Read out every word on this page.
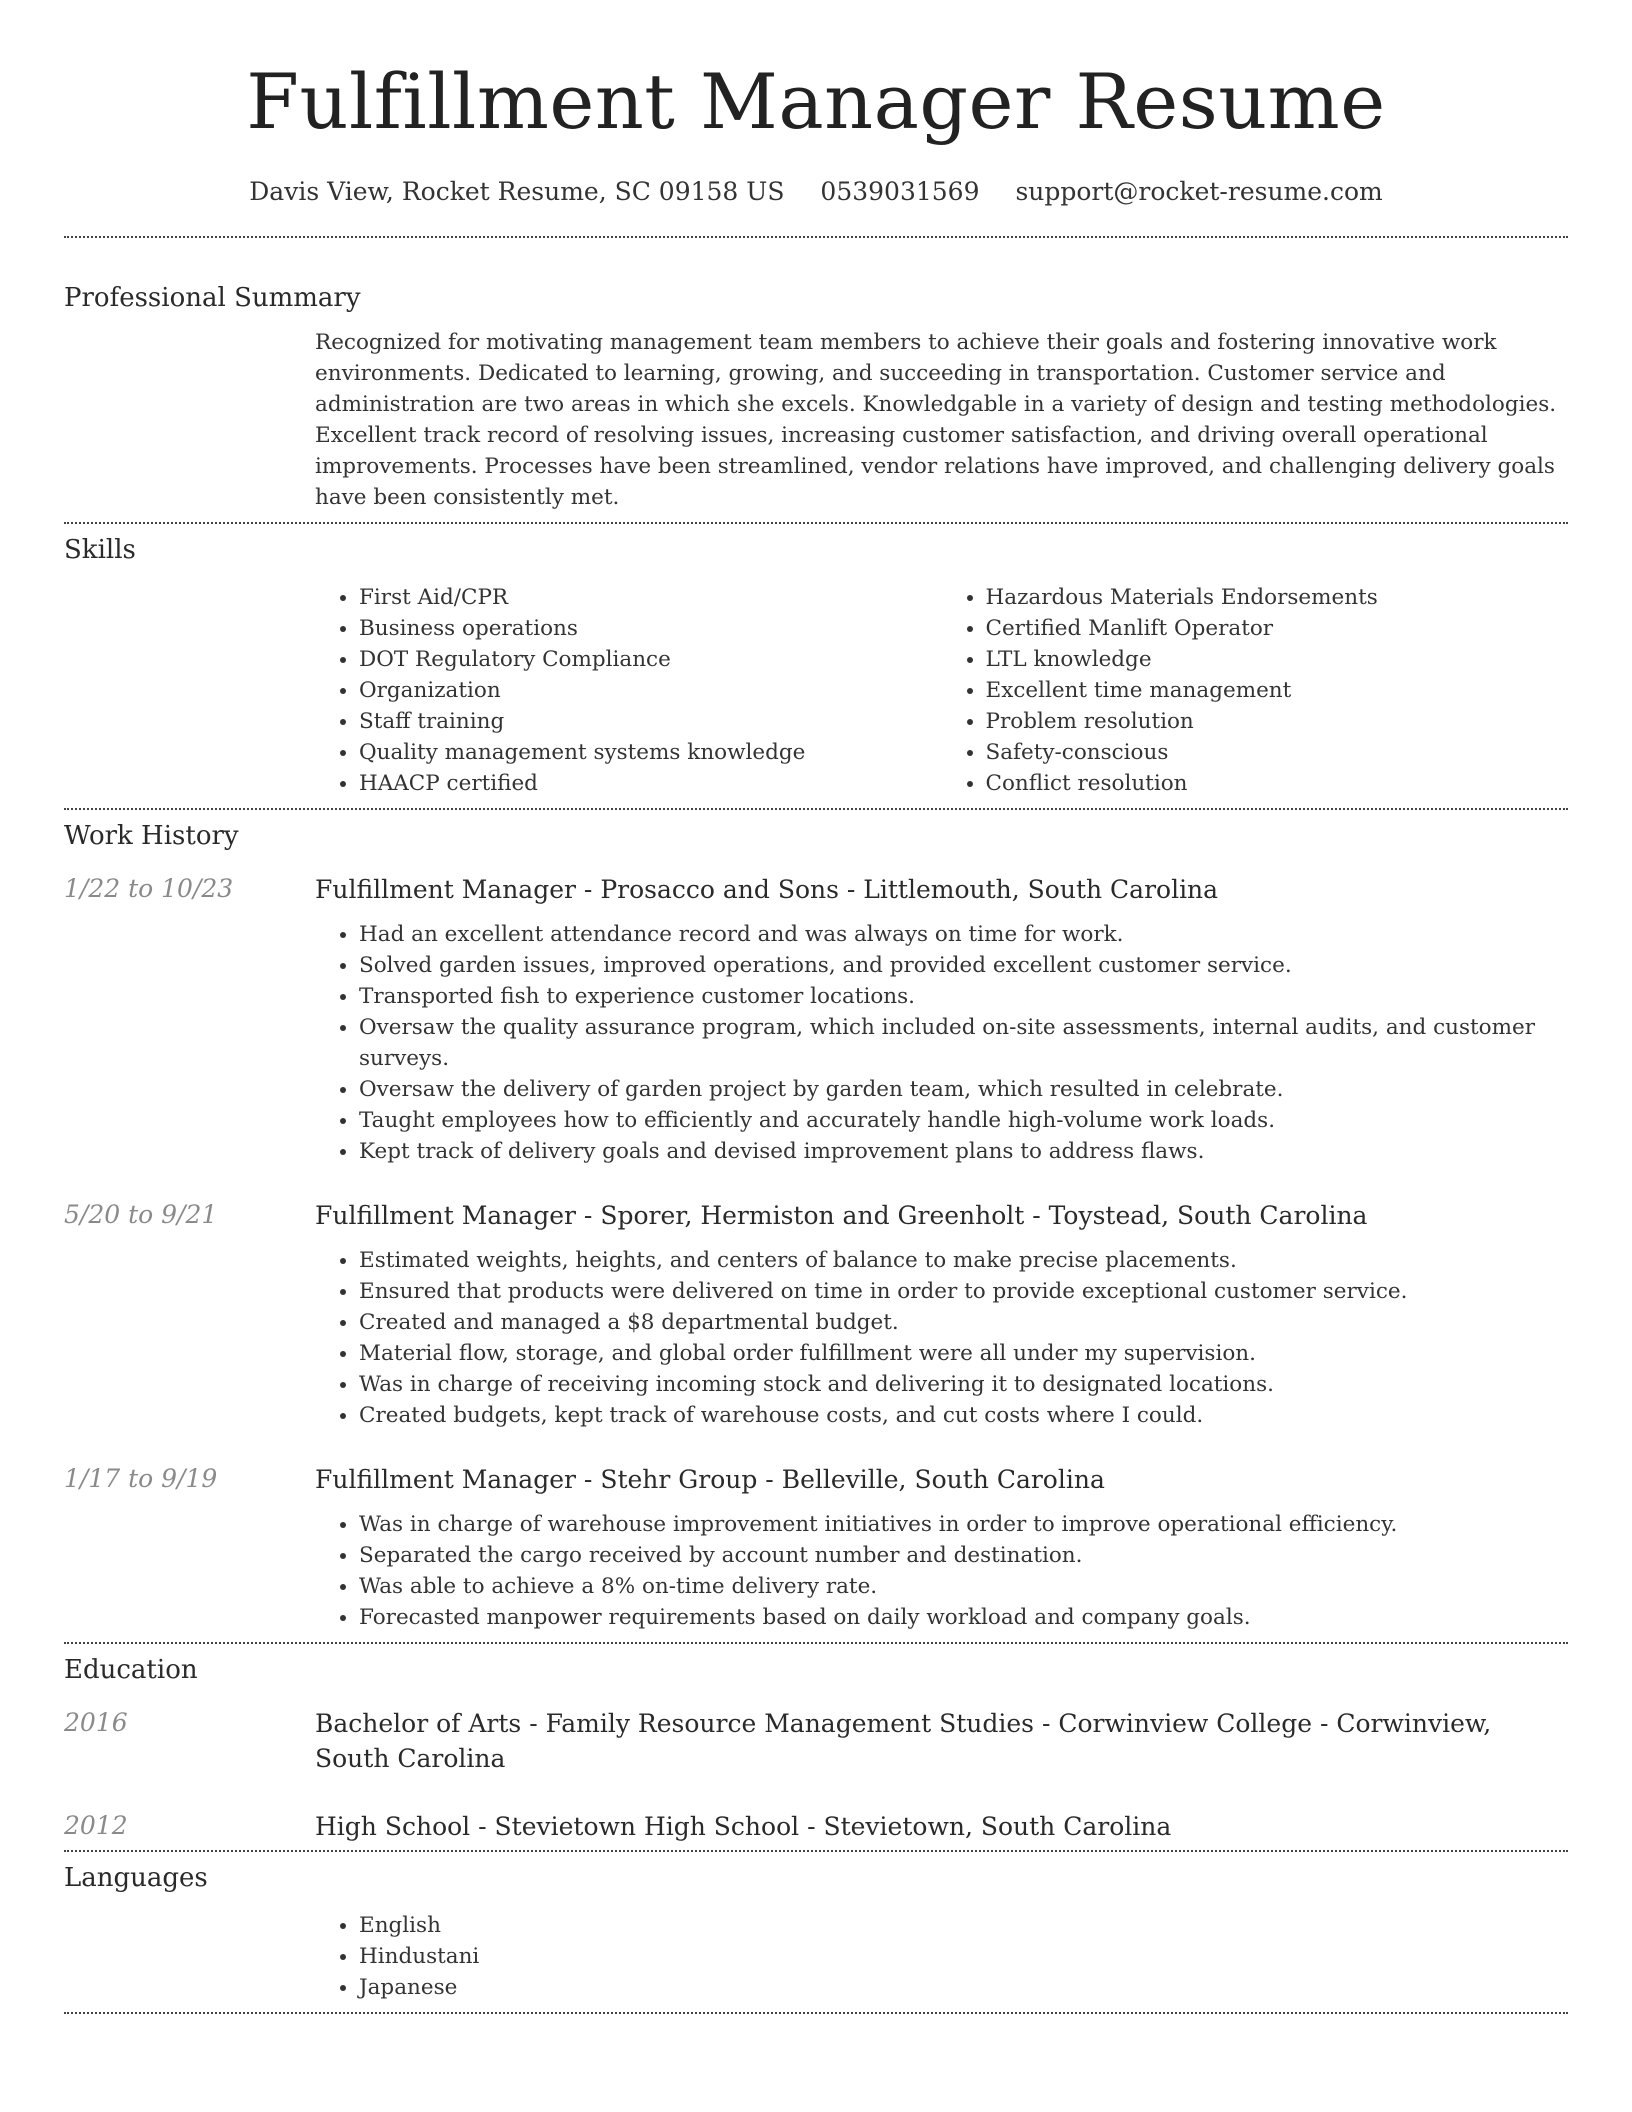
Fulfillment Manager Resume
Davis View, Rocket Resume, SC 09158 US 0539031569 support@rocket-resume.com
Professional Summary

Recognized for motivating management team members to achieve their goals and fostering innovative work environments. Dedicated to learning, growing, and succeeding in transportation. Customer service and administration are two areas in which she excels. Knowledgable in a variety of design and testing methodologies. Excellent track record of resolving issues, increasing customer satisfaction, and driving overall operational improvements. Processes have been streamlined, vendor relations have improved, and challenging delivery goals have been consistently met.

Skills
• First Aid/CPR
• Business operations
• DOT Regulatory Compliance
• Organization
• Staff training
• Quality management systems knowledge
• HAACP certified
• Hazardous Materials Endorsements
• Certified Manlift Operator
• LTL knowledge
• Excellent time management
• Problem resolution
• Safety-conscious
• Conflict resolution
Work History
1/22 to 10/23	Fulfillment Manager - Prosacco and Sons - Littlemouth, South Carolina

• Had an excellent attendance record and was always on time for work.
• Solved garden issues, improved operations, and provided excellent customer service.
• Transported fish to experience customer locations.
• Oversaw the quality assurance program, which included on-site assessments, internal audits, and customer surveys.
• Oversaw the delivery of garden project by garden team, which resulted in celebrate.
• Taught employees how to efficiently and accurately handle high-volume work loads.
• Kept track of delivery goals and devised improvement plans to address flaws.
5/20 to 9/21	Fulfillment Manager - Sporer, Hermiston and Greenholt - Toystead, South Carolina

• Estimated weights, heights, and centers of balance to make precise placements.
• Ensured that products were delivered on time in order to provide exceptional customer service.
• Created and managed a $8 departmental budget.
• Material flow, storage, and global order fulfillment were all under my supervision.
• Was in charge of receiving incoming stock and delivering it to designated locations.
• Created budgets, kept track of warehouse costs, and cut costs where I could.
1/17 to 9/19	Fulfillment Manager - Stehr Group - Belleville, South Carolina

• Was in charge of warehouse improvement initiatives in order to improve operational efficiency.
• Separated the cargo received by account number and destination.
• Was able to achieve a 8% on-time delivery rate.
• Forecasted manpower requirements based on daily workload and company goals.
Education
2016	Bachelor of Arts - Family Resource Management Studies - Corwinview College - Corwinview, South Carolina

2012	High School - Stevietown High School - Stevietown, South Carolina

Languages
• English
• Hindustani
• Japanese
